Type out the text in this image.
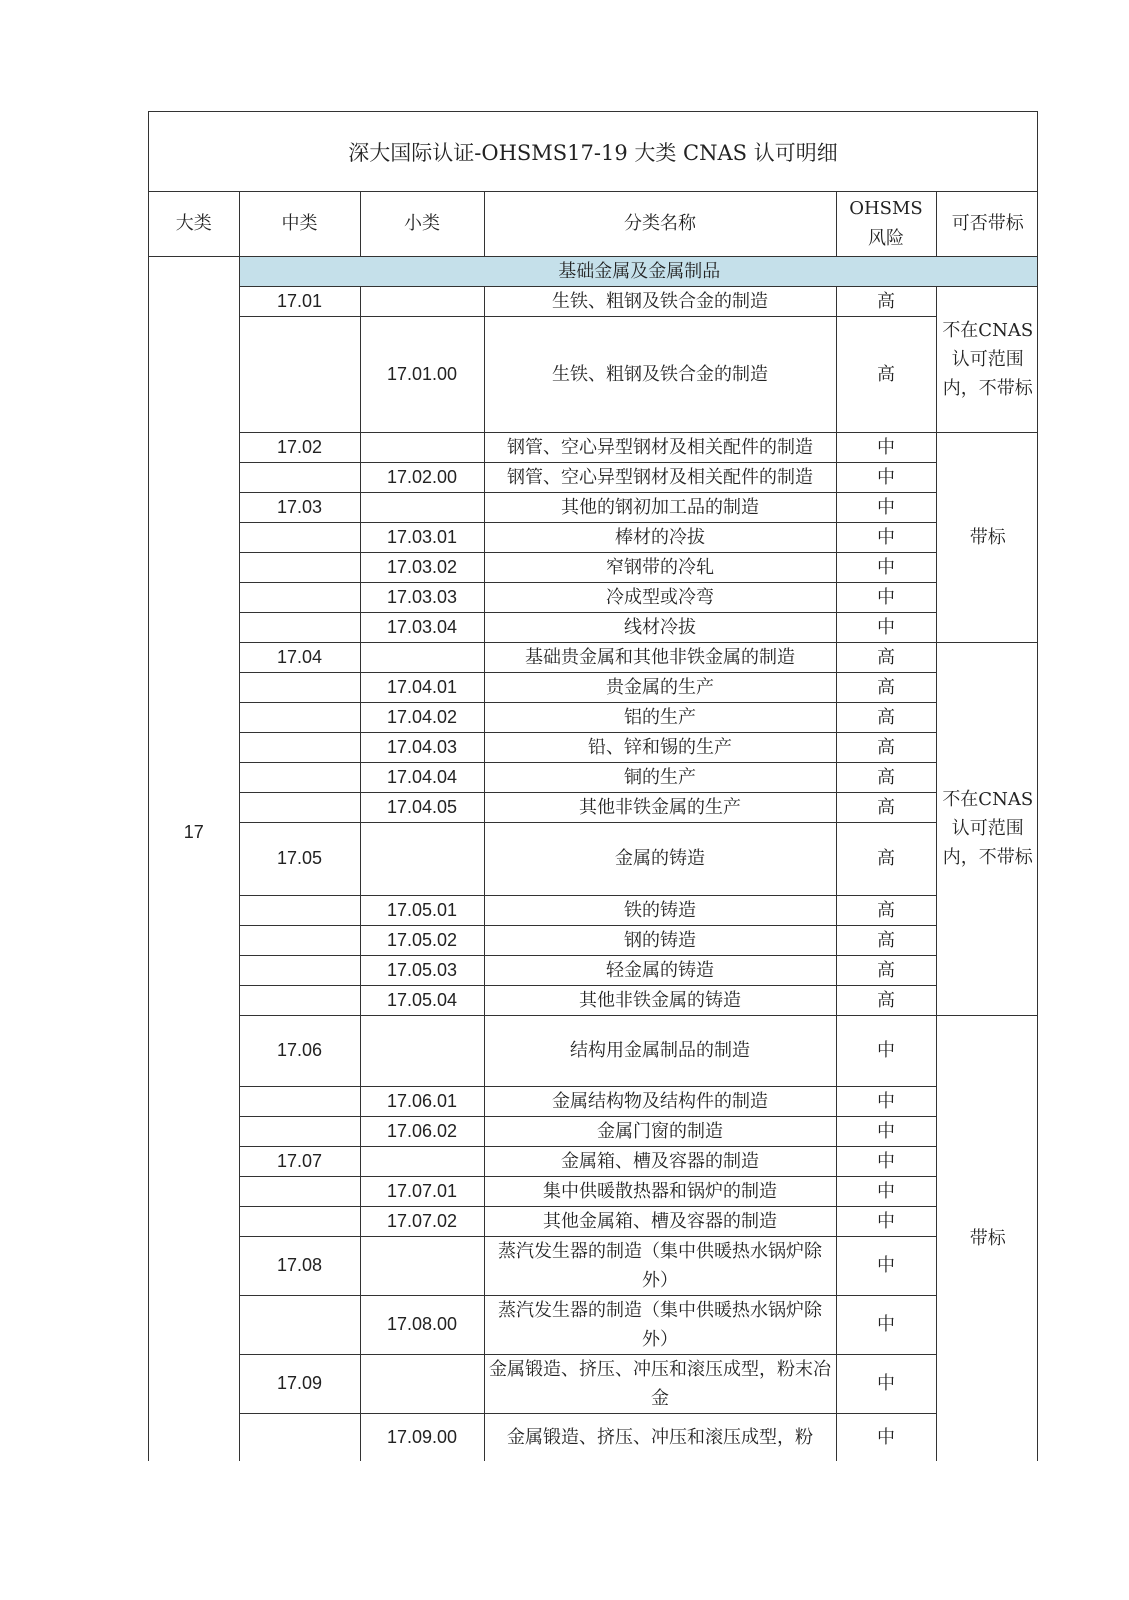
深大国际认证-OHSMS17-19 大类 CNAS 认可明细
大类	中类	小类	分类名称	OHSMS 风险	可否带标
17	基础金属及金属制品				
	17.01		生铁、粗钢及铁合金的制造	高	不在CNAS 认可范围内，不带标
		17.01.00	生铁、粗钢及铁合金的制造	高	
	17.02		钢管、空心异型钢材及相关配件的制造	中	带标
		17.02.00	钢管、空心异型钢材及相关配件的制造	中	
	17.03		其他的钢初加工品的制造	中	
		17.03.01	棒材的冷拔	中	
		17.03.02	窄钢带的冷轧	中	
		17.03.03	冷成型或冷弯	中	
		17.03.04	线材冷拔	中	
	17.04		基础贵金属和其他非铁金属的制造	高	不在CNAS 认可范围内，不带标
		17.04.01	贵金属的生产	高	
		17.04.02	铝的生产	高	
		17.04.03	铅、锌和锡的生产	高	
		17.04.04	铜的生产	高	
		17.04.05	其他非铁金属的生产	高	
	17.05		金属的铸造	高	
		17.05.01	铁的铸造	高	
		17.05.02	钢的铸造	高	
		17.05.03	轻金属的铸造	高	
		17.05.04	其他非铁金属的铸造	高	
	17.06		结构用金属制品的制造	中	带标
		17.06.01	金属结构物及结构件的制造	中	
		17.06.02	金属门窗的制造	中	
	17.07		金属箱、槽及容器的制造	中	
		17.07.01	集中供暖散热器和锅炉的制造	中	
		17.07.02	其他金属箱、槽及容器的制造	中	
	17.08		蒸汽发生器的制造（集中供暖热水锅炉除外）	中	
		17.08.00	蒸汽发生器的制造（集中供暖热水锅炉除外）	中	
	17.09		金属锻造、挤压、冲压和滚压成型，粉末冶金	中	
		17.09.00	金属锻造、挤压、冲压和滚压成型，粉	中	
